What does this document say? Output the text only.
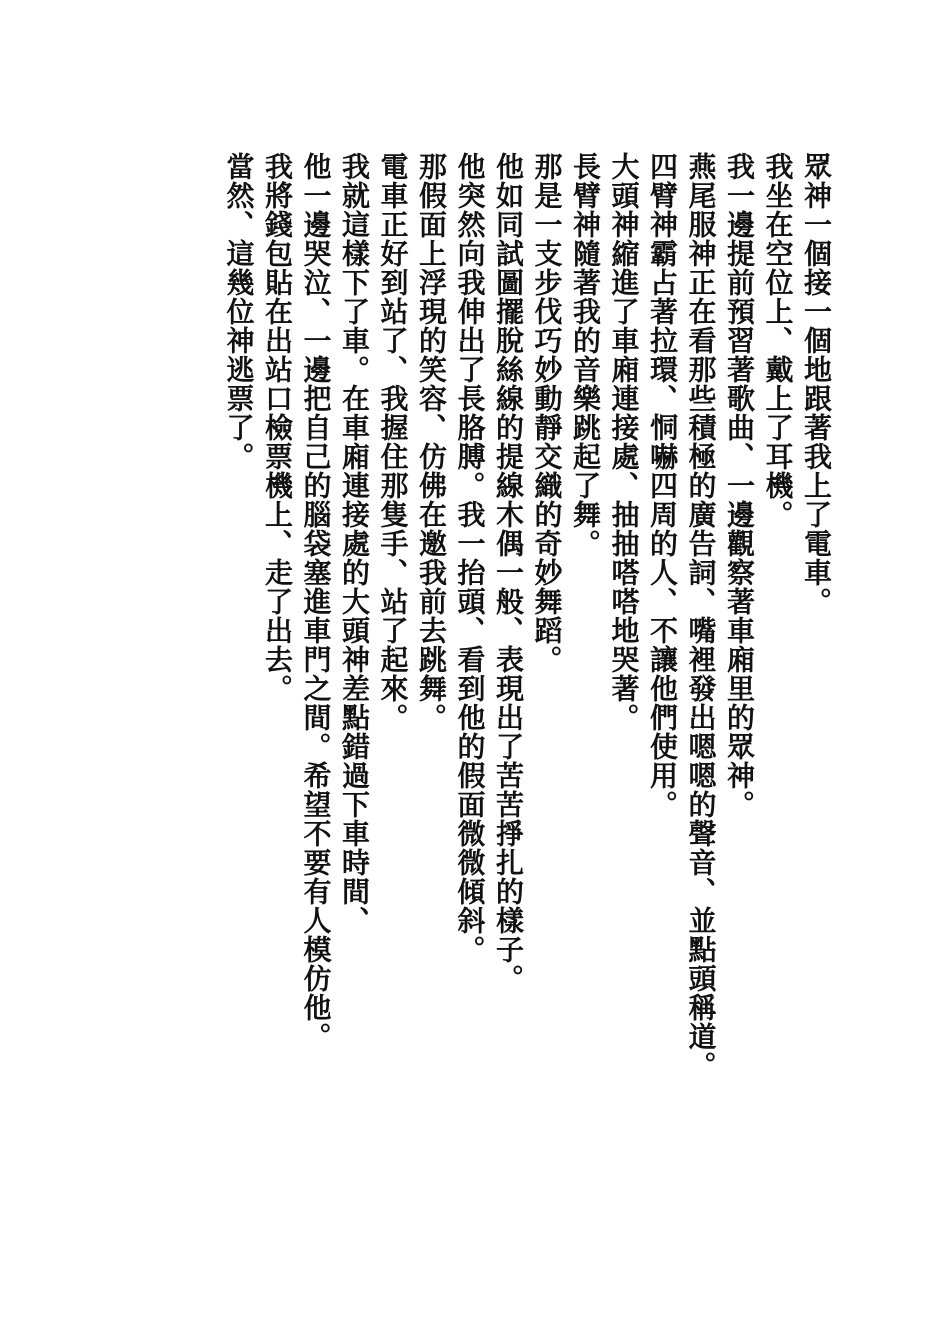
眾神一個接一個地跟著我上了電車。

我坐在空位上、戴上了耳機。

我一邊提前預習著歌曲、一邊觀察著車廂里的眾神。

燕尾服神正在看那些積極的廣告詞、嘴裡發出嗯嗯的聲音、並點頭稱道。

四臂神霸占著拉環、恫嚇四周的人、不讓他們使用。

大頭神縮進了車廂連接處、抽抽嗒嗒地哭著。

長臂神隨著我的音樂跳起了舞。

那是一支步伐巧妙動靜交織的奇妙舞蹈。

他如同試圖擺脫絲線的提線木偶一般、表現出了苦苦掙扎的樣子。

他突然向我伸出了長胳膊。我一抬頭、看到他的假面微微傾斜。

那假面上浮現的笑容、仿佛在邀我前去跳舞。

電車正好到站了、我握住那隻手、站了起來。

我就這樣下了車。在車廂連接處的大頭神差點錯過下車時間、

他一邊哭泣、一邊把自己的腦袋塞進車門之間。希望不要有人模仿他。

我將錢包貼在出站口檢票機上、走了出去。

當然、這幾位神逃票了。
